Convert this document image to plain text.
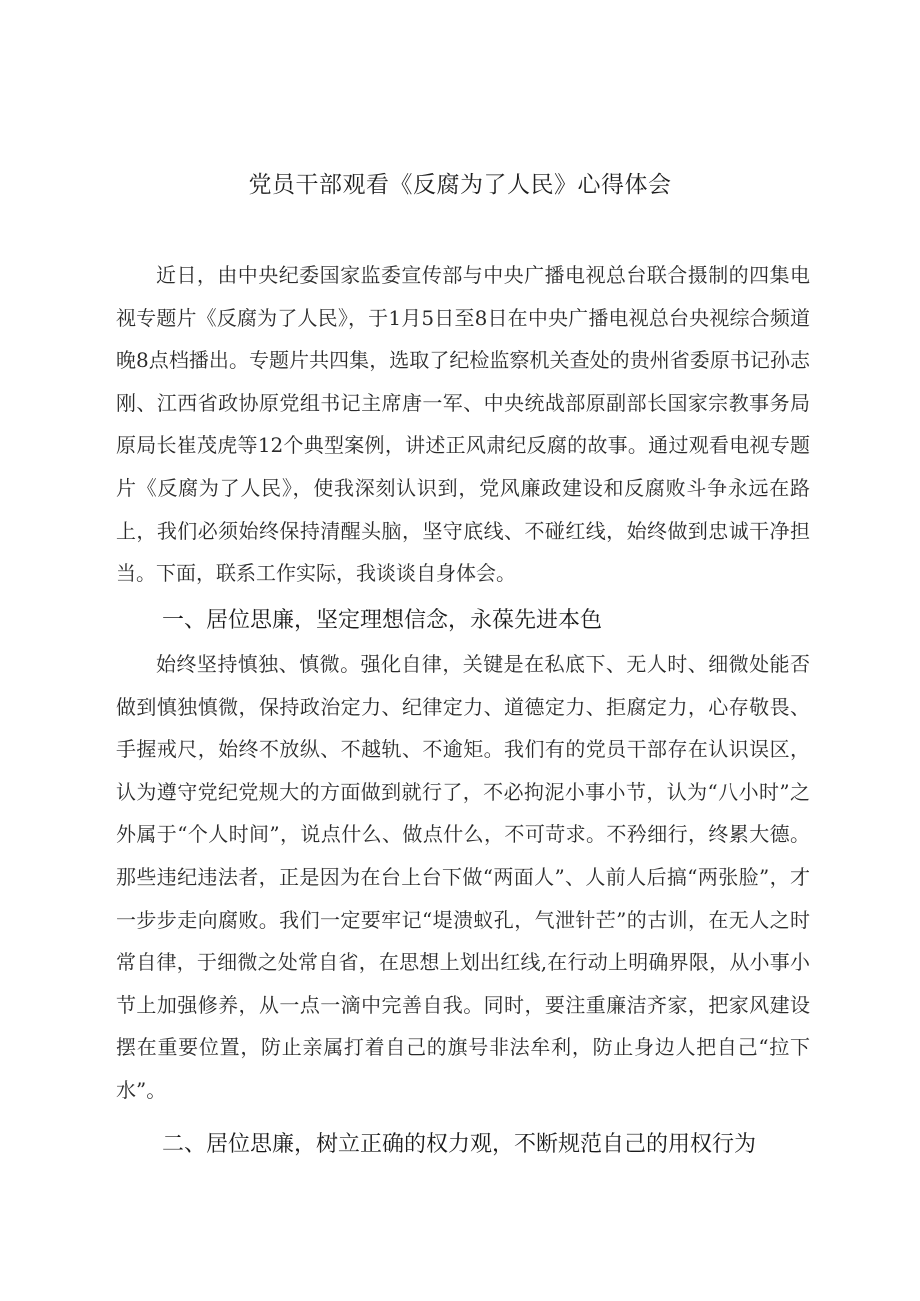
党员干部观看《反腐为了人民》心得体会
近日，由中央纪委国家监委宣传部与中央广播电视总台联合摄制的四集电视专题片《反腐为了人民》，于1月5日至8日在中央广播电视总台央视综合频道晚8点档播出。专题片共四集，选取了纪检监察机关查处的贵州省委原书记孙志刚、江西省政协原党组书记主席唐一军、中央统战部原副部长国家宗教事务局原局长崔茂虎等12个典型案例，讲述正风肃纪反腐的故事。通过观看电视专题片《反腐为了人民》，使我深刻认识到，党风廉政建设和反腐败斗争永远在路上，我们必须始终保持清醒头脑，坚守底线、不碰红线，始终做到忠诚干净担当。下面，联系工作实际，我谈谈自身体会。
一、居位思廉，坚定理想信念，永葆先进本色
始终坚持慎独、慎微。强化自律，关键是在私底下、无人时、细微处能否做到慎独慎微，保持政治定力、纪律定力、道德定力、拒腐定力，心存敬畏、手握戒尺，始终不放纵、不越轨、不逾矩。我们有的党员干部存在认识误区，认为遵守党纪党规大的方面做到就行了，不必拘泥小事小节，认为“八小时”之外属于“个人时间”，说点什么、做点什么，不可苛求。不矜细行，终累大德。那些违纪违法者，正是因为在台上台下做“两面人”、人前人后搞“两张脸”，才一步步走向腐败。我们一定要牢记“堤溃蚁孔，气泄针芒”的古训，在无人之时常自律，于细微之处常自省，在思想上划出红线,在行动上明确界限，从小事小节上加强修养，从一点一滴中完善自我。同时，要注重廉洁齐家，把家风建设摆在重要位置，防止亲属打着自己的旗号非法牟利，防止身边人把自己“拉下水”。
二、居位思廉，树立正确的权力观，不断规范自己的用权行为
